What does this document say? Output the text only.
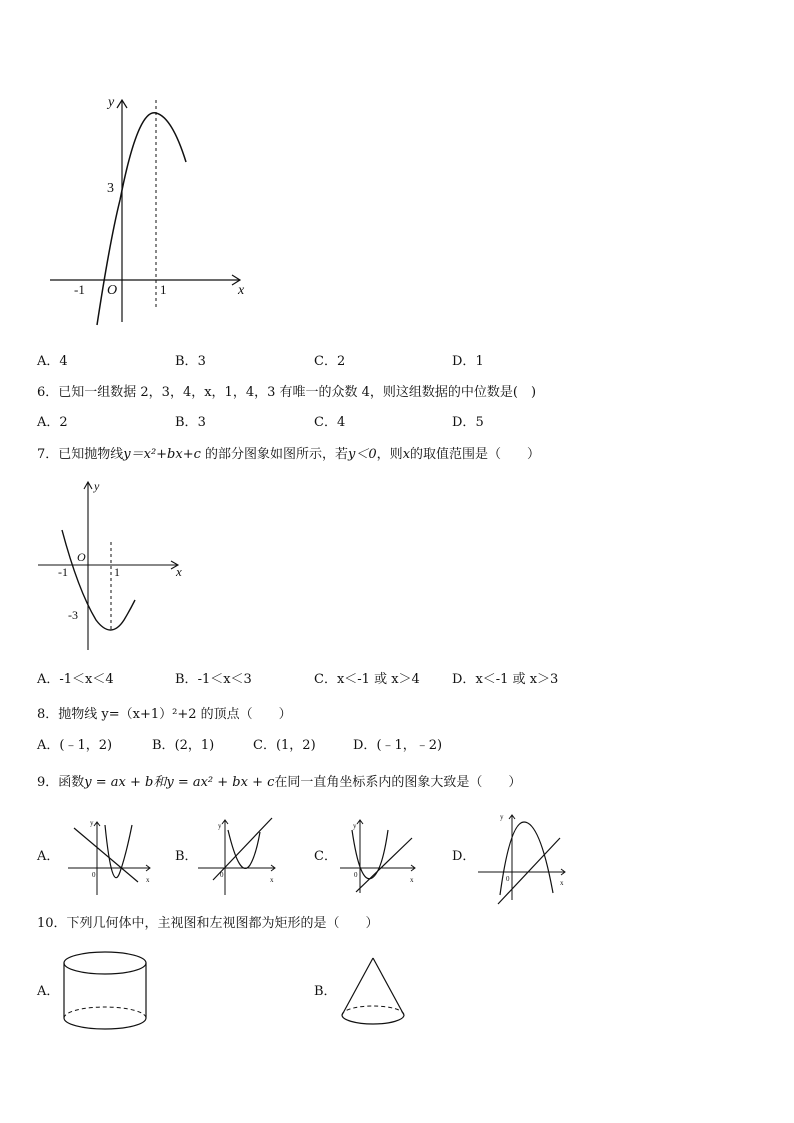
y
x
3
-1 O	1
y
x
O
-1	1
-3
x
y
0
x
y
0
x
y
0
x
y
0
A．4	B．3	C．2	D．1
6．已知一组数据 2，3，4，x，1，4，3 有唯一的众数 4，则这组数据的中位数是(　)
A．2	B．3	C．4	D．5
7．已知抛物线y＝x²+bx+c 的部分图象如图所示，若y＜0，则x的取值范围是（　　）
A．-1＜x＜4	B．-1＜x＜3	C．x＜-1 或 x＞4 D．x＜-1 或 x＞3
8．抛物线 y=（x+1）²+2 的顶点（　　）
A．(﹣1，2)	B．(2，1)	C．(1，2)	D．(﹣1，﹣2)
9．函数y = ax + b和y = ax² + bx + c在同一直角坐标系内的图象大致是（　　）
A．	B．	C．	D．
10．下列几何体中，主视图和左视图都为矩形的是（　　）
A．	B．
